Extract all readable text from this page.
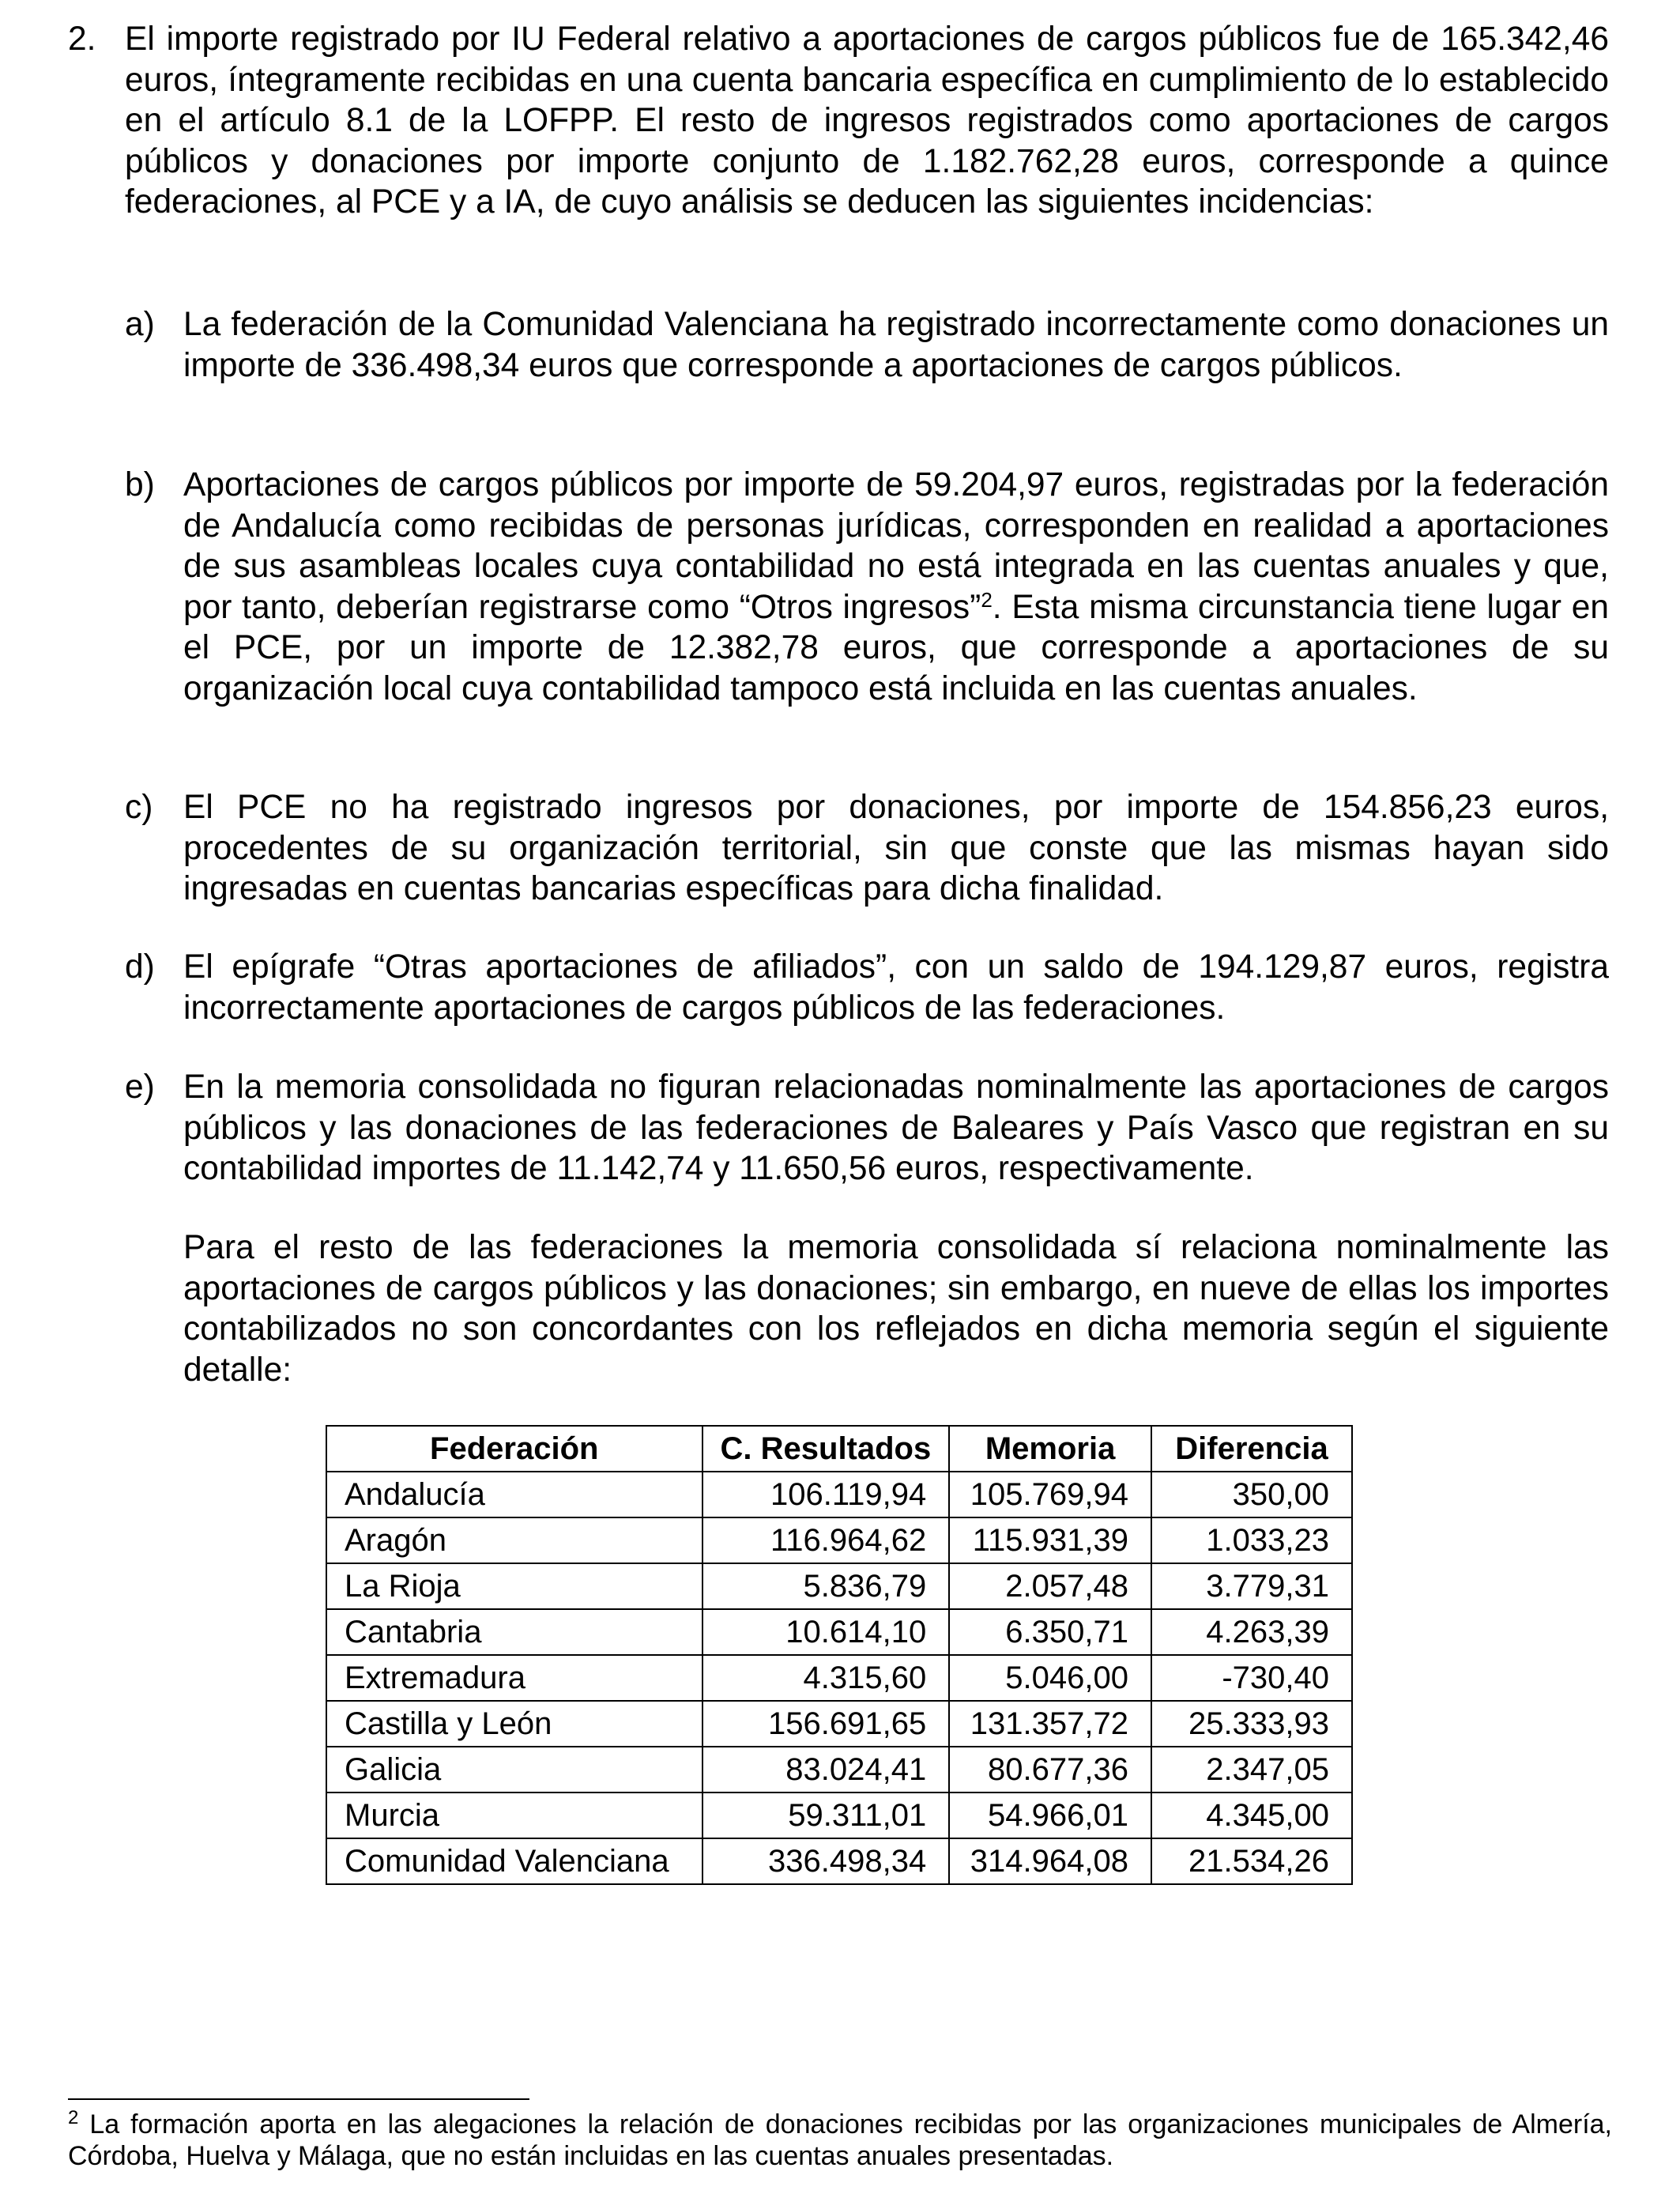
2. El importe registrado por IU Federal relativo a aportaciones de cargos públicos fue de 165.342,46 euros, íntegramente recibidas en una cuenta bancaria específica en cumplimiento de lo establecido en el artículo 8.1 de la LOFPP. El resto de ingresos registrados como aportaciones de cargos públicos y donaciones por importe conjunto de 1.182.762,28 euros, corresponde a quince federaciones, al PCE y a IA, de cuyo análisis se deducen las siguientes incidencias:

a) La federación de la Comunidad Valenciana ha registrado incorrectamente como donaciones un importe de 336.498,34 euros que corresponde a aportaciones de cargos públicos.

b) Aportaciones de cargos públicos por importe de 59.204,97 euros, registradas por la federación de Andalucía como recibidas de personas jurídicas, corresponden en realidad a aportaciones de sus asambleas locales cuya contabilidad no está integrada en las cuentas anuales y que, por tanto, deberían registrarse como “Otros ingresos”$^2$. Esta misma circunstancia tiene lugar en el PCE, por un importe de 12.382,78 euros, que corresponde a aportaciones de su organización local cuya contabilidad tampoco está incluida en las cuentas anuales.

c) El PCE no ha registrado ingresos por donaciones, por importe de 154.856,23 euros, procedentes de su organización territorial, sin que conste que las mismas hayan sido ingresadas en cuentas bancarias específicas para dicha finalidad.

d) El epígrafe “Otras aportaciones de afiliados”, con un saldo de 194.129,87 euros, registra incorrectamente aportaciones de cargos públicos de las federaciones.

e) En la memoria consolidada no figuran relacionadas nominalmente las aportaciones de cargos públicos y las donaciones de las federaciones de Baleares y País Vasco que registran en su contabilidad importes de 11.142,74 y 11.650,56 euros, respectivamente.

Para el resto de las federaciones la memoria consolidada sí relaciona nominalmente las aportaciones de cargos públicos y las donaciones; sin embargo, en nueve de ellas los importes contabilizados no son concordantes con los reflejados en dicha memoria según el siguiente detalle:

Federación	C. Resultados	Memoria	Diferencia
Andalucía	106.119,94	105.769,94	350,00
Aragón	116.964,62	115.931,39	1.033,23
La Rioja	5.836,79	2.057,48	3.779,31
Cantabria	10.614,10	6.350,71	4.263,39
Extremadura	4.315,60	5.046,00	-730,40
Castilla y León	156.691,65	131.357,72	25.333,93
Galicia	83.024,41	80.677,36	2.347,05
Murcia	59.311,01	54.966,01	4.345,00
Comunidad Valenciana	336.498,34	314.964,08	21.534,26

$^2$ La formación aporta en las alegaciones la relación de donaciones recibidas por las organizaciones municipales de Almería, Córdoba, Huelva y Málaga, que no están incluidas en las cuentas anuales presentadas.
